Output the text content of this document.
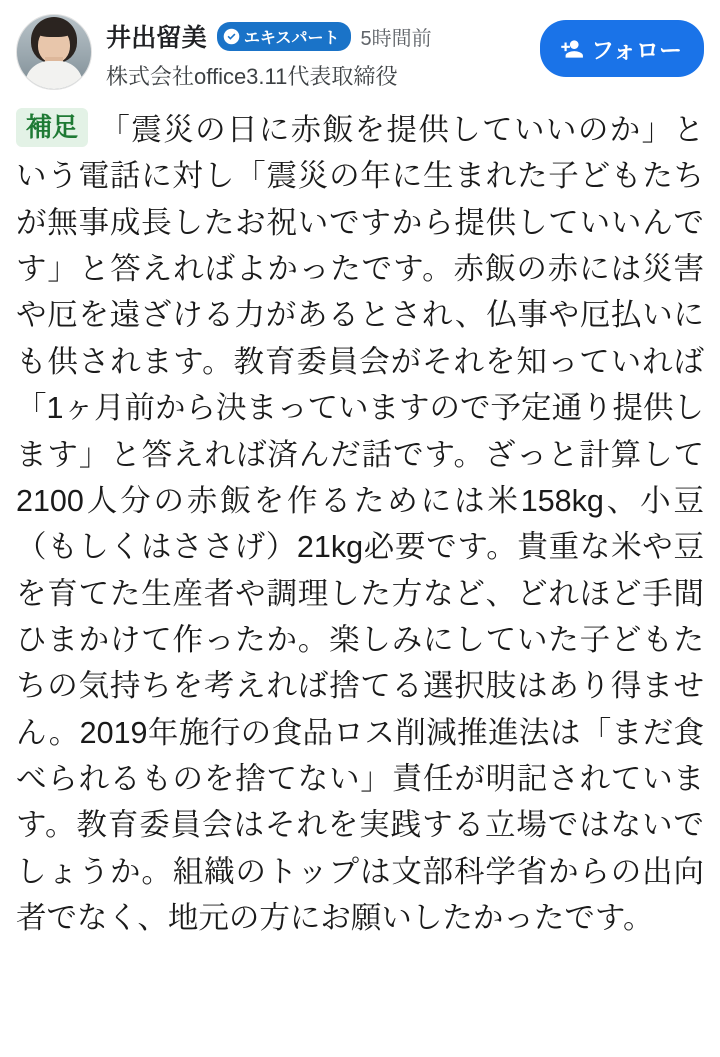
井出留美 エキスパート 5時間前
株式会社office3.11代表取締役
フォロー
補足 「震災の日に赤飯を提供していいのか」という電話に対し「震災の年に生まれた子どもたちが無事成長したお祝いですから提供していいんです」と答えればよかったです。赤飯の赤には災害や厄を遠ざける力があるとされ、仏事や厄払いにも供されます。教育委員会がそれを知っていれば「1ヶ月前から決まっていますので予定通り提供します」と答えれば済んだ話です。ざっと計算して2100人分の赤飯を作るためには米158kg、小豆（もしくはささげ）21kg必要です。貴重な米や豆を育てた生産者や調理した方など、どれほど手間ひまかけて作ったか。楽しみにしていた子どもたちの気持ちを考えれば捨てる選択肢はあり得ません。2019年施行の食品ロス削減推進法は「まだ食べられるものを捨てない」責任が明記されています。教育委員会はそれを実践する立場ではないでしょうか。組織のトップは文部科学省からの出向者でなく、地元の方にお願いしたかったです。
